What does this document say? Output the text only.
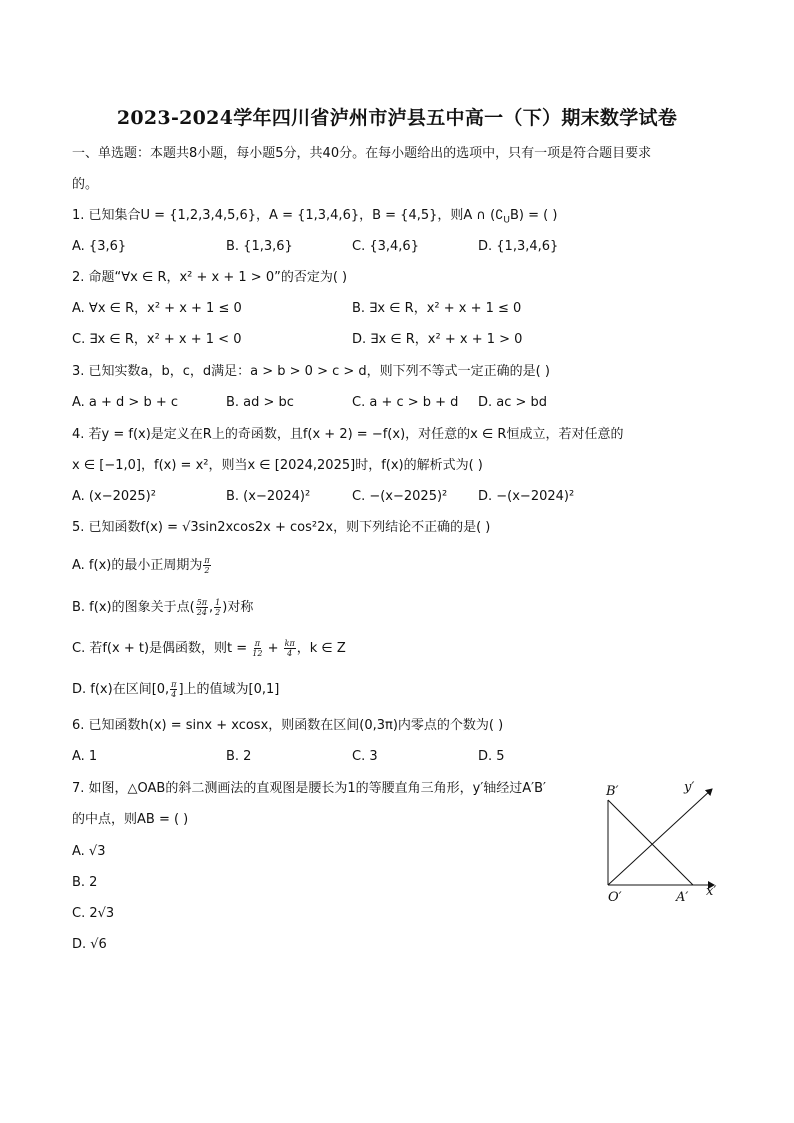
2023-2024学年四川省泸州市泸县五中高一（下）期末数学试卷
一、单选题：本题共8小题，每小题5分，共40分。在每小题给出的选项中，只有一项是符合题目要求
的。
1. 已知集合U = {1,2,3,4,5,6}，A = {1,3,4,6}，B = {4,5}，则A ∩ $(∁_UB)$ = ( )
A. {3,6}	B. {1,3,6}	C. {3,4,6}	D. {1,3,4,6}
2. 命题“∀x ∈ R，x² + x + 1 > 0”的否定为( )
A. ∀x ∈ R，x² + x + 1 ≤ 0	B. ∃x ∈ R，x² + x + 1 ≤ 0
C. ∃x ∈ R，x² + x + 1 < 0	D. ∃x ∈ R，x² + x + 1 > 0
3. 已知实数a，b，c，d满足：a > b > 0 > c > d，则下列不等式一定正确的是( )
A. a + d > b + c	B. ad > bc	C. a + c > b + d D. ac > bd
4. 若y = f(x)是定义在R上的奇函数，且f(x + 2) = −f(x)，对任意的x ∈ R恒成立，若对任意的
x ∈ [−1,0]，f(x) = x²，则当x ∈ [2024,2025]时，f(x)的解析式为( )
A. (x−2025)²	B. (x−2024)²	C. −(x−2025)² D. −(x−2024)²
5. 已知函数f(x) = √3sin2xcos2x + cos²2x，则下列结论不正确的是( )
A. f(x)的最小正周期为 $\frac{\pi}{2}$
B. f(x)的图象关于点( $\frac{5\pi}{24}$ , $\frac{1}{2}$ )对称
C. 若f(x + t)是偶函数，则$t = \frac{\pi}{12} + \frac{k\pi}{4}$ ，k ∈ Z
D. f(x)在区间[0, $\frac{\pi}{4}$ ]上的值域为[0,1]
6. 已知函数h(x) = sinx + xcosx，则函数在区间(0,3π)内零点的个数为( )
A. 1	B. 2	C. 3	D. 5
7. 如图，△OAB的斜二测画法的直观图是腰长为1的等腰直角三角形，y′轴经过A′B′
的中点，则AB = ( )
A. √3
B. 2
C. 2√3
D. √6
B′	y′
O′	A′ x′
